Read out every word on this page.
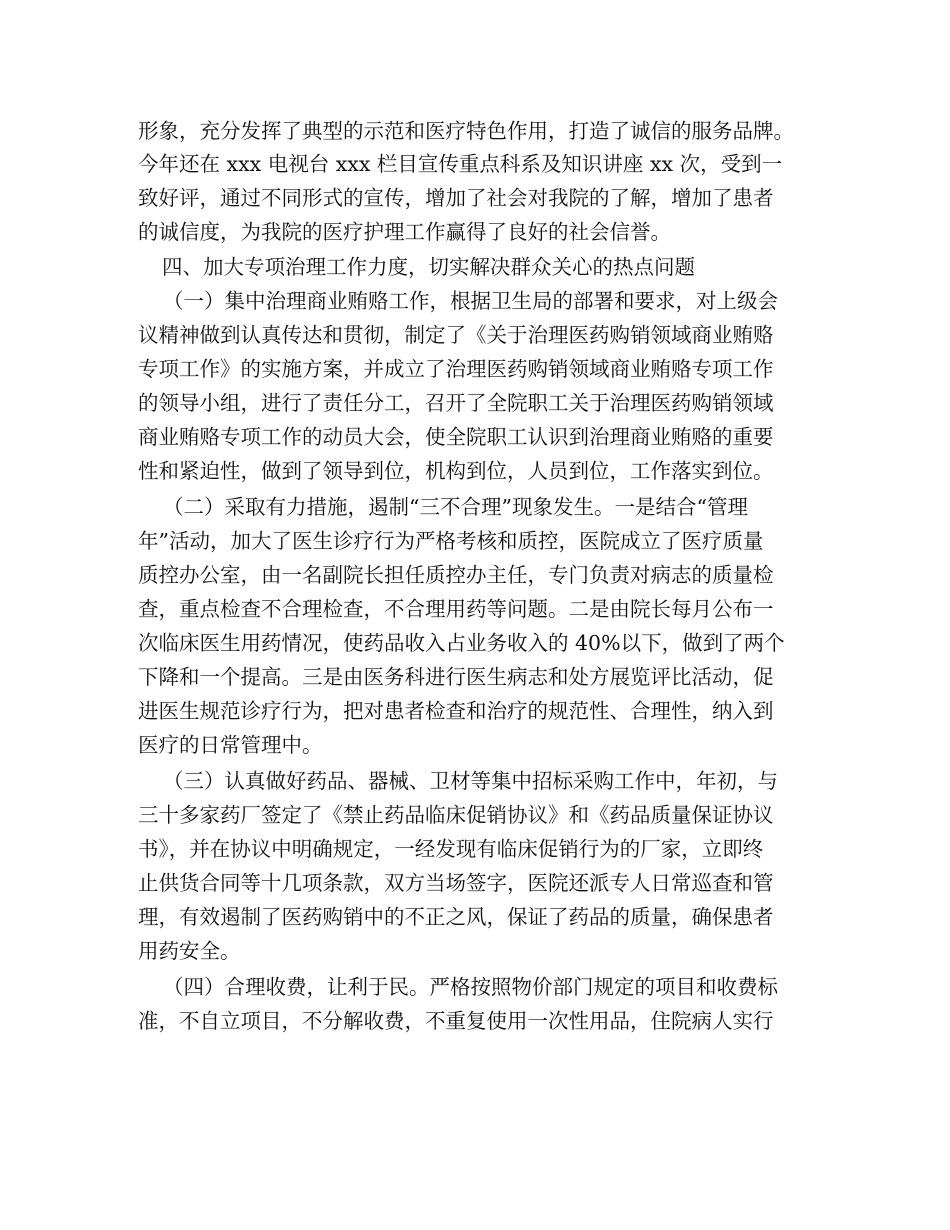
形象，充分发挥了典型的示范和医疗特色作用，打造了诚信的服务品牌。
今年还在 xxx 电视台 xxx 栏目宣传重点科系及知识讲座 xx 次，受到一
致好评，通过不同形式的宣传，增加了社会对我院的了解，增加了患者
的诚信度，为我院的医疗护理工作赢得了良好的社会信誉。
四、加大专项治理工作力度，切实解决群众关心的热点问题
（一）集中治理商业贿赂工作，根据卫生局的部署和要求，对上级会
议精神做到认真传达和贯彻，制定了《关于治理医药购销领域商业贿赂
专项工作》的实施方案，并成立了治理医药购销领域商业贿赂专项工作
的领导小组，进行了责任分工，召开了全院职工关于治理医药购销领域
商业贿赂专项工作的动员大会，使全院职工认识到治理商业贿赂的重要
性和紧迫性，做到了领导到位，机构到位，人员到位，工作落实到位。
（二）采取有力措施，遏制“三不合理”现象发生。一是结合“管理
年”活动，加大了医生诊疗行为严格考核和质控，医院成立了医疗质量
质控办公室，由一名副院长担任质控办主任，专门负责对病志的质量检
查，重点检查不合理检查，不合理用药等问题。二是由院长每月公布一
次临床医生用药情况，使药品收入占业务收入的 40%以下，做到了两个
下降和一个提高。三是由医务科进行医生病志和处方展览评比活动，促
进医生规范诊疗行为，把对患者检查和治疗的规范性、合理性，纳入到
医疗的日常管理中。
（三）认真做好药品、器械、卫材等集中招标采购工作中，年初，与
三十多家药厂签定了《禁止药品临床促销协议》和《药品质量保证协议
书》，并在协议中明确规定，一经发现有临床促销行为的厂家，立即终
止供货合同等十几项条款，双方当场签字，医院还派专人日常巡查和管
理，有效遏制了医药购销中的不正之风，保证了药品的质量，确保患者
用药安全。
（四）合理收费，让利于民。严格按照物价部门规定的项目和收费标
准，不自立项目，不分解收费，不重复使用一次性用品，住院病人实行
